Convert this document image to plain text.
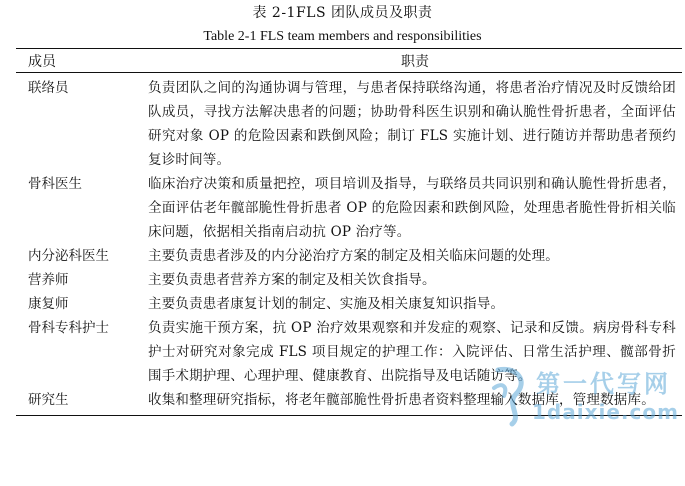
表 2-1FLS 团队成员及职责
Table 2-1 FLS team members and responsibilities
成员	职责
联络员	负责团队之间的沟通协调与管理，与患者保持联络沟通，将患者治疗情况及时反馈给团队成员，寻找方法解决患者的问题；协助骨科医生识别和确认脆性骨折患者，全面评估研究对象 OP 的危险因素和跌倒风险；制订 FLS 实施计划、进行随访并帮助患者预约复诊时间等。
骨科医生	临床治疗决策和质量把控，项目培训及指导，与联络员共同识别和确认脆性骨折患者，全面评估老年髋部脆性骨折患者 OP 的危险因素和跌倒风险，处理患者脆性骨折相关临床问题，依据相关指南启动抗 OP 治疗等。
内分泌科医生	主要负责患者涉及的内分泌治疗方案的制定及相关临床问题的处理。
营养师	主要负责患者营养方案的制定及相关饮食指导。
康复师	主要负责患者康复计划的制定、实施及相关康复知识指导。
骨科专科护士	负责实施干预方案，抗 OP 治疗效果观察和并发症的观察、记录和反馈。病房骨科专科护士对研究对象完成 FLS 项目规定的护理工作：入院评估、日常生活护理、髋部骨折围手术期护理、心理护理、健康教育、出院指导及电话随访等。
研究生	收集和整理研究指标，将老年髋部脆性骨折患者资料整理输入数据库，管理数据库。
第一代写网
1daixie.com
